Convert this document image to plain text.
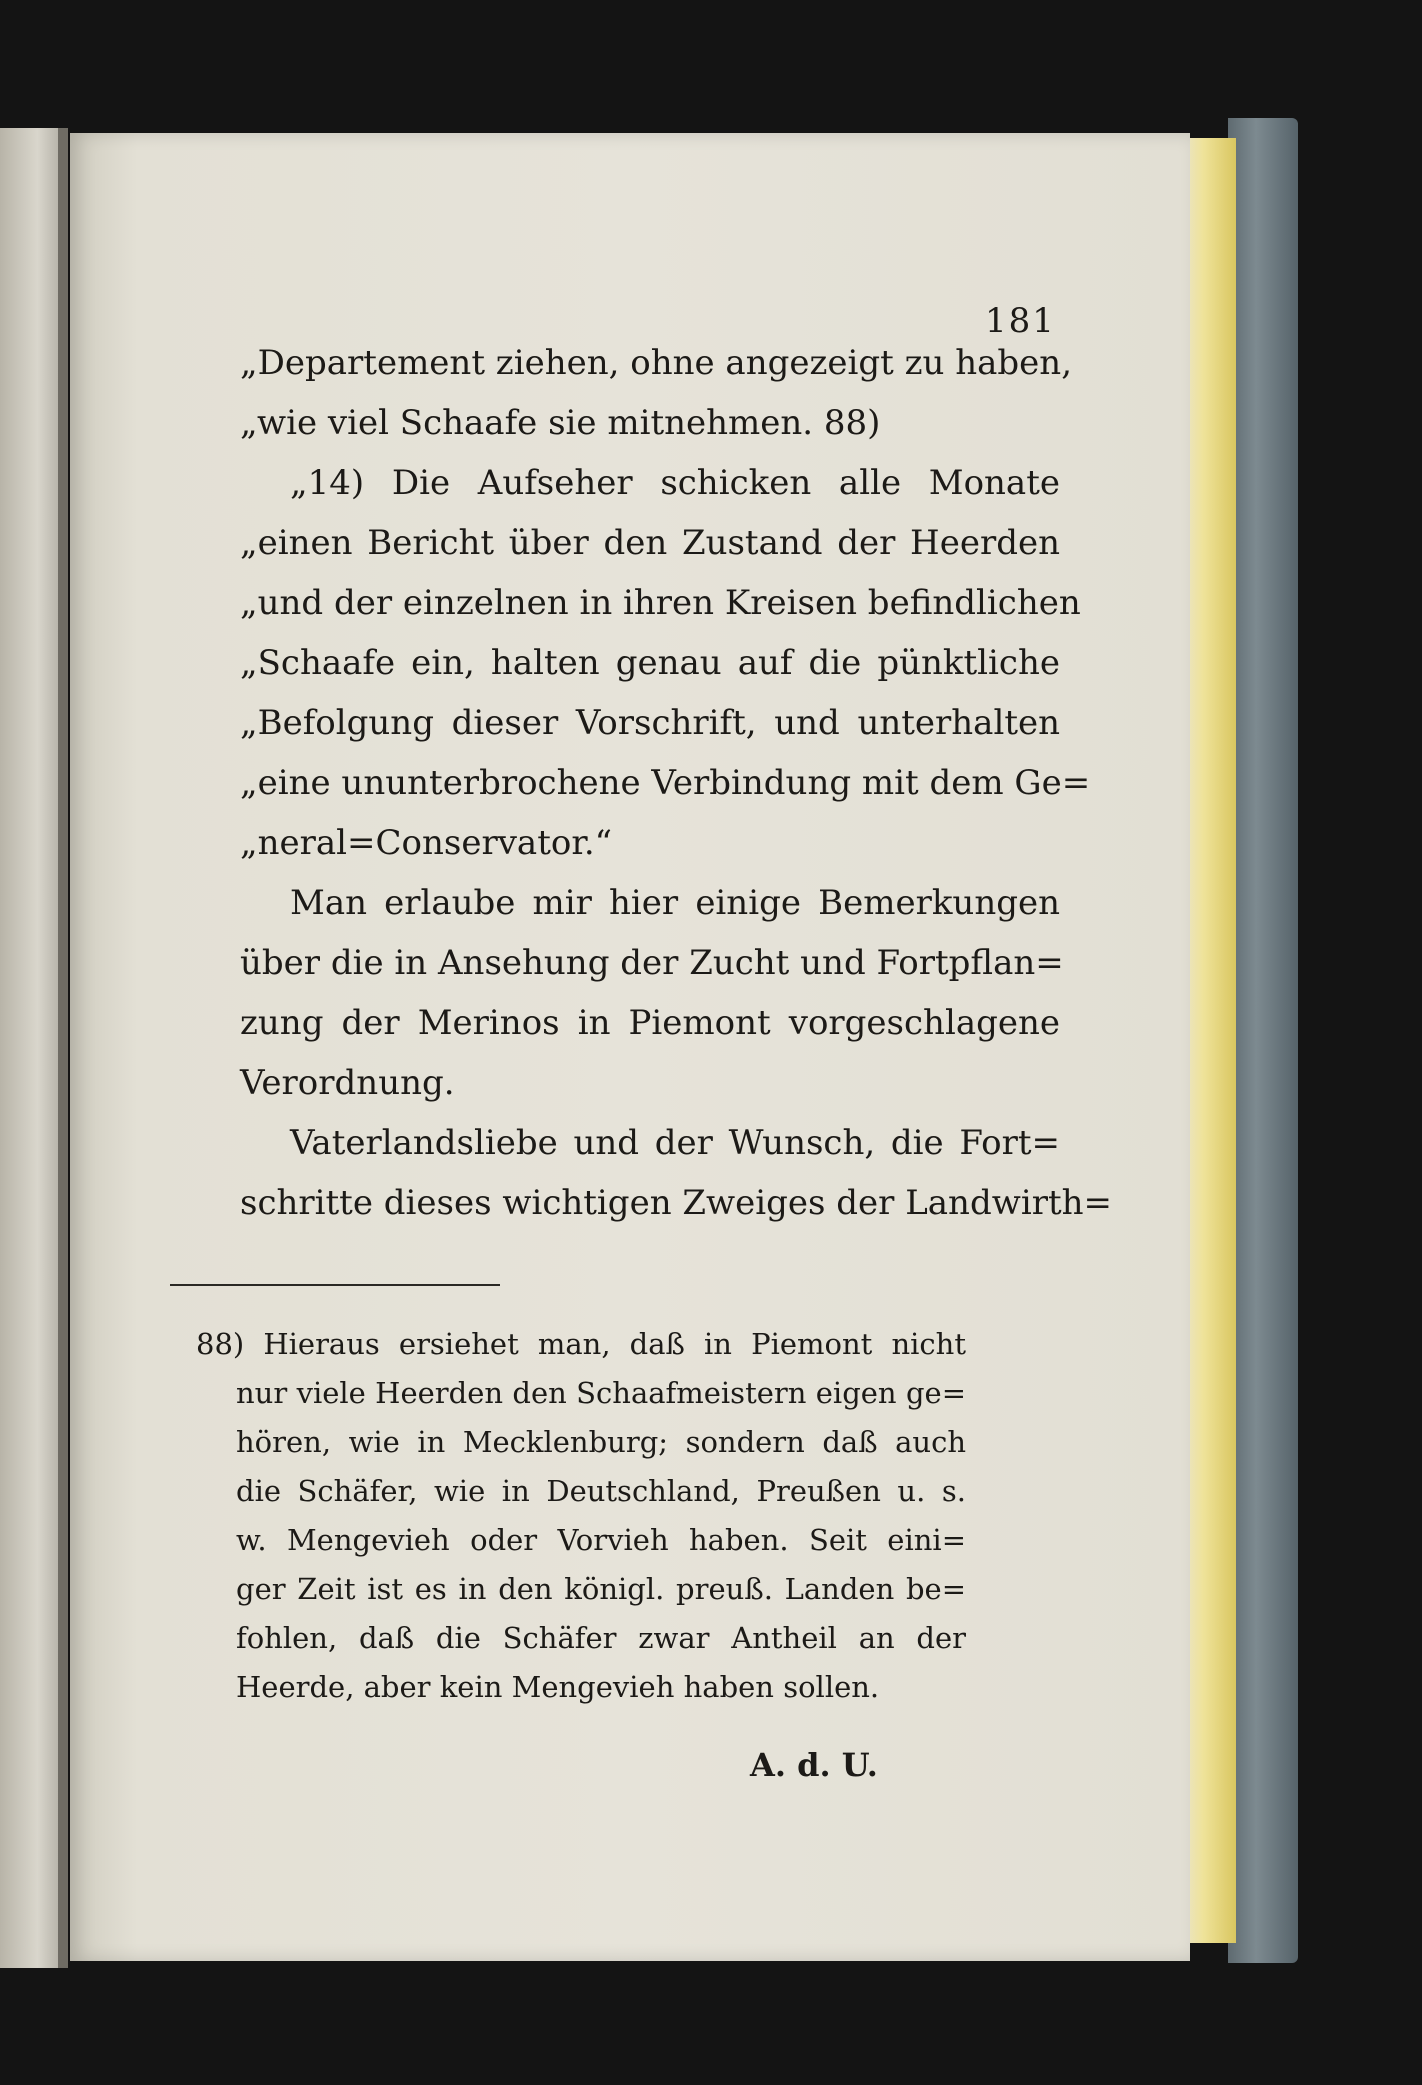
181
„Departement ziehen, ohne angezeigt zu haben,
„wie viel Schaafe sie mitnehmen. 88)
„14) Die Aufseher schicken alle Monate
„einen Bericht über den Zustand der Heerden
„und der einzelnen in ihren Kreisen befindlichen
„Schaafe ein, halten genau auf die pünktliche
„Befolgung dieser Vorschrift, und unterhalten
„eine ununterbrochene Verbindung mit dem Ge=
„neral=Conservator.“
Man erlaube mir hier einige Bemerkungen
über die in Ansehung der Zucht und Fortpflan=
zung der Merinos in Piemont vorgeschlagene
Verordnung.
Vaterlandsliebe und der Wunsch, die Fort=
schritte dieses wichtigen Zweiges der Landwirth=
88) Hieraus ersiehet man, daß in Piemont nicht
nur viele Heerden den Schaafmeistern eigen ge=
hören, wie in Mecklenburg; sondern daß auch
die Schäfer, wie in Deutschland, Preußen u. s.
w. Mengevieh oder Vorvieh haben. Seit eini=
ger Zeit ist es in den königl. preuß. Landen be=
fohlen, daß die Schäfer zwar Antheil an der
Heerde, aber kein Mengevieh haben sollen.
A. d. U.
